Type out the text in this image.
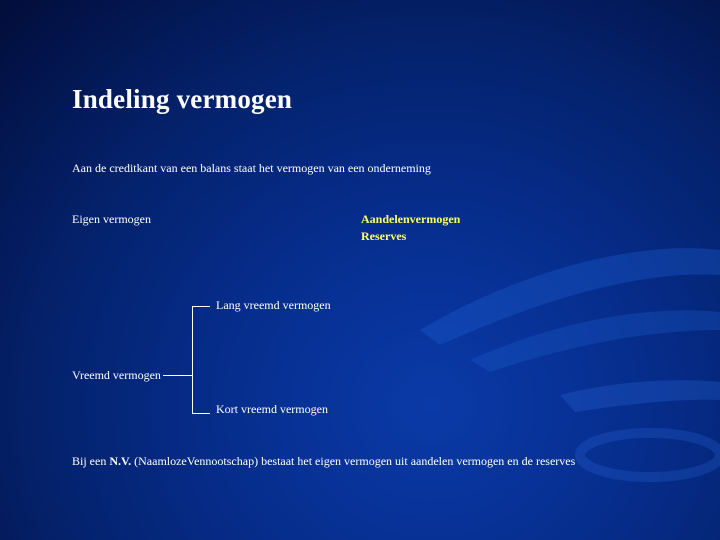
Indeling vermogen
Aan de creditkant van een balans staat het vermogen van een onderneming
Eigen vermogen	Aandelenvermogen
Reserves
Lang vreemd vermogen
Vreemd vermogen
Kort vreemd vermogen
Bij een N.V. (NaamlozeVennootschap) bestaat het eigen vermogen uit aandelen vermogen en de reserves
